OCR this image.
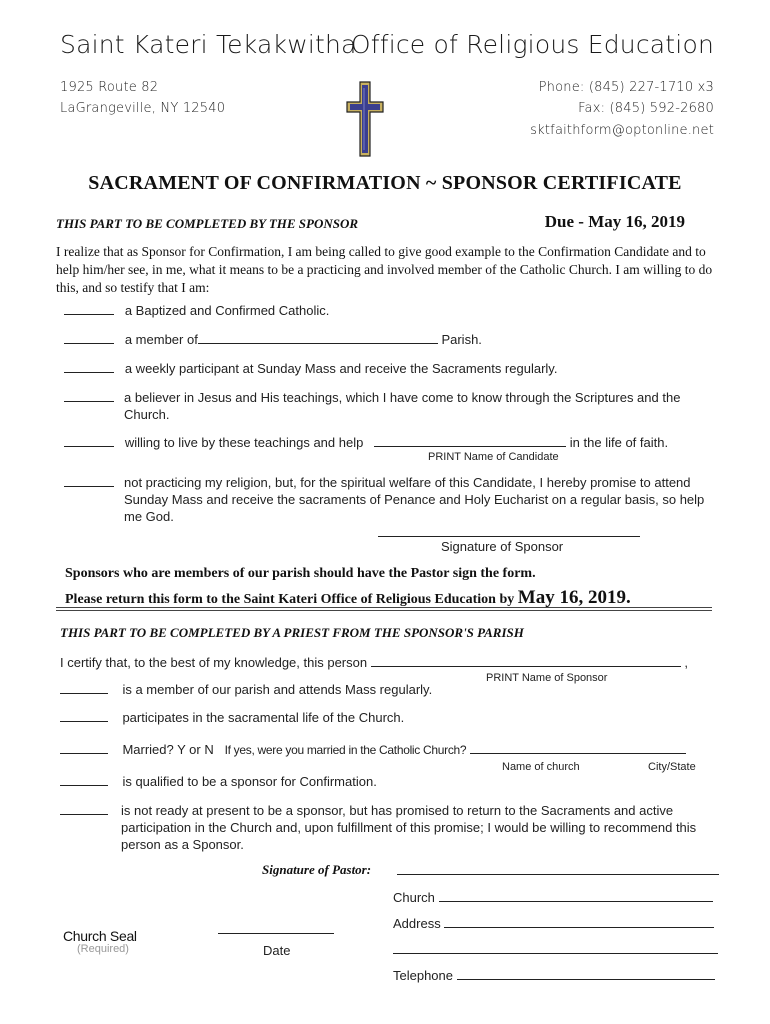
Saint Kateri Tekakwitha
Office of Religious Education
1925 Route 82
LaGrangeville, NY 12540
Phone: (845) 227-1710 x3
Fax: (845) 592-2680
sktfaithform@optonline.net
SACRAMENT OF CONFIRMATION ~ SPONSOR CERTIFICATE
THIS PART TO BE COMPLETED BY THE SPONSOR	Due - May 16, 2019
I realize that as Sponsor for Confirmation, I am being called to give good example to the Confirmation Candidate and to help him/her see, in me, what it means to be a practicing and involved member of the Catholic Church. I am willing to do this, and so testify that I am:
a Baptized and Confirmed Catholic.
a member of	Parish.
a weekly participant at Sunday Mass and receive the Sacraments regularly.
a believer in Jesus and His teachings, which I have come to know through the Scriptures and the Church.
willing to live by these teachings and help	in the life of faith.
PRINT Name of Candidate
not practicing my religion, but, for the spiritual welfare of this Candidate, I hereby promise to attend Sunday Mass and receive the sacraments of Penance and Holy Eucharist on a regular basis, so help me God.
Signature of Sponsor
Sponsors who are members of our parish should have the Pastor sign the form.
Please return this form to the Saint Kateri Office of Religious Education by May 16, 2019.
THIS PART TO BE COMPLETED BY A PRIEST FROM THE SPONSOR'S PARISH
I certify that, to the best of my knowledge, this person	,
PRINT Name of Sponsor
is a member of our parish and attends Mass regularly.
participates in the sacramental life of the Church.
Married? Y or N If yes, were you married in the Catholic Church?
Name of church	City/State
is qualified to be a sponsor for Confirmation.
is not ready at present to be a sponsor, but has promised to return to the Sacraments and active participation in the Church and, upon fulfillment of this promise; I would be willing to recommend this person as a Sponsor.
Signature of Pastor:
Church
Address
Telephone
Church Seal
(Required)	Date
